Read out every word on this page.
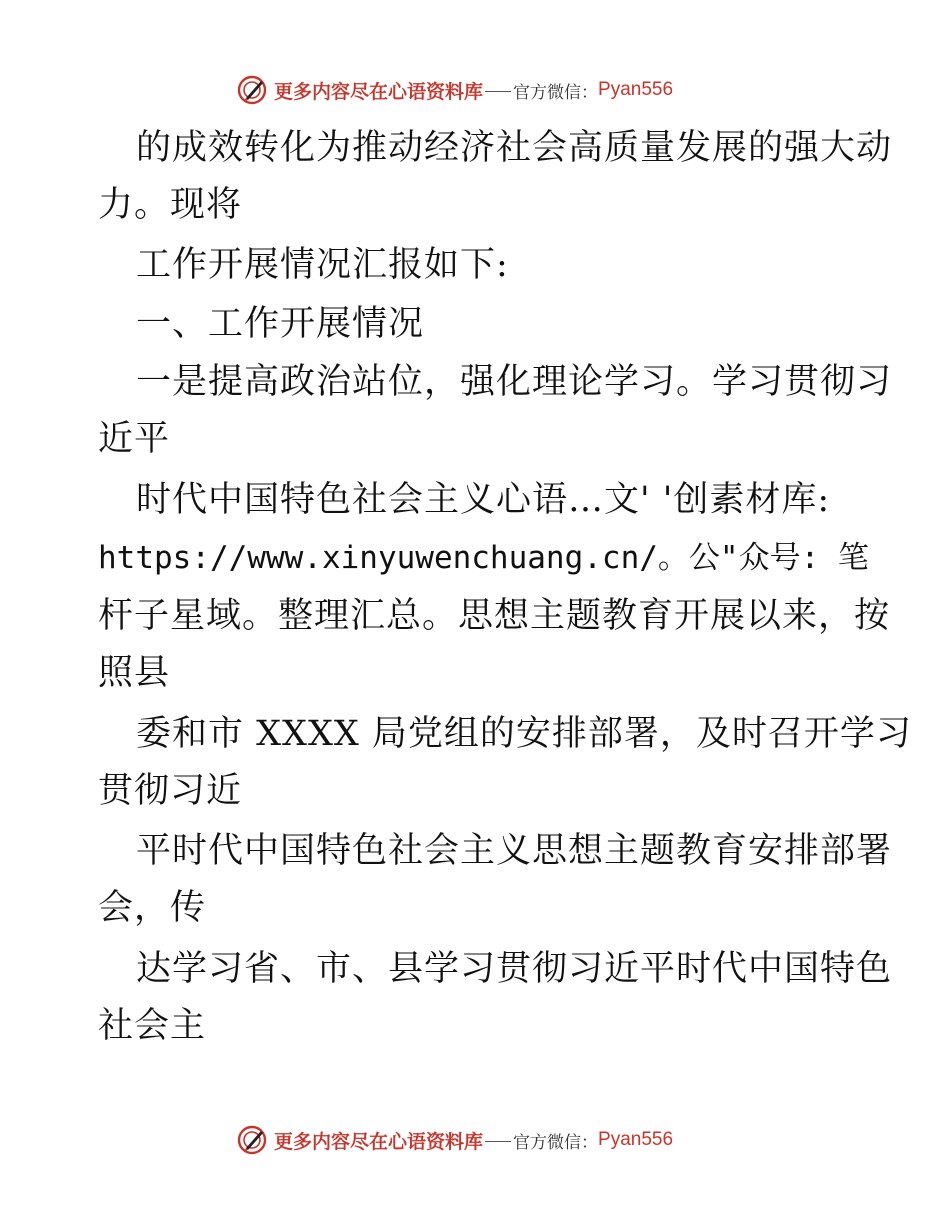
更多内容尽在心语资料库 官方微信： Pyan556
的成效转化为推动经济社会高质量发展的强大动
力。现将
工作开展情况汇报如下:
一、工作开展情况
一是提高政治站位，强化理论学习。学习贯彻习
近平
时代中国特色社会主义心语…文' '创素材库:
https://www.xinyuwenchuang.cn/。公"众号: 笔
杆子星域。整理汇总。思想主题教育开展以来，按
照县
委和市 XXXX 局党组的安排部署，及时召开学习
贯彻习近
平时代中国特色社会主义思想主题教育安排部署
会，传
达学习省、市、县学习贯彻习近平时代中国特色
社会主
更多内容尽在心语资料库 官方微信： Pyan556
